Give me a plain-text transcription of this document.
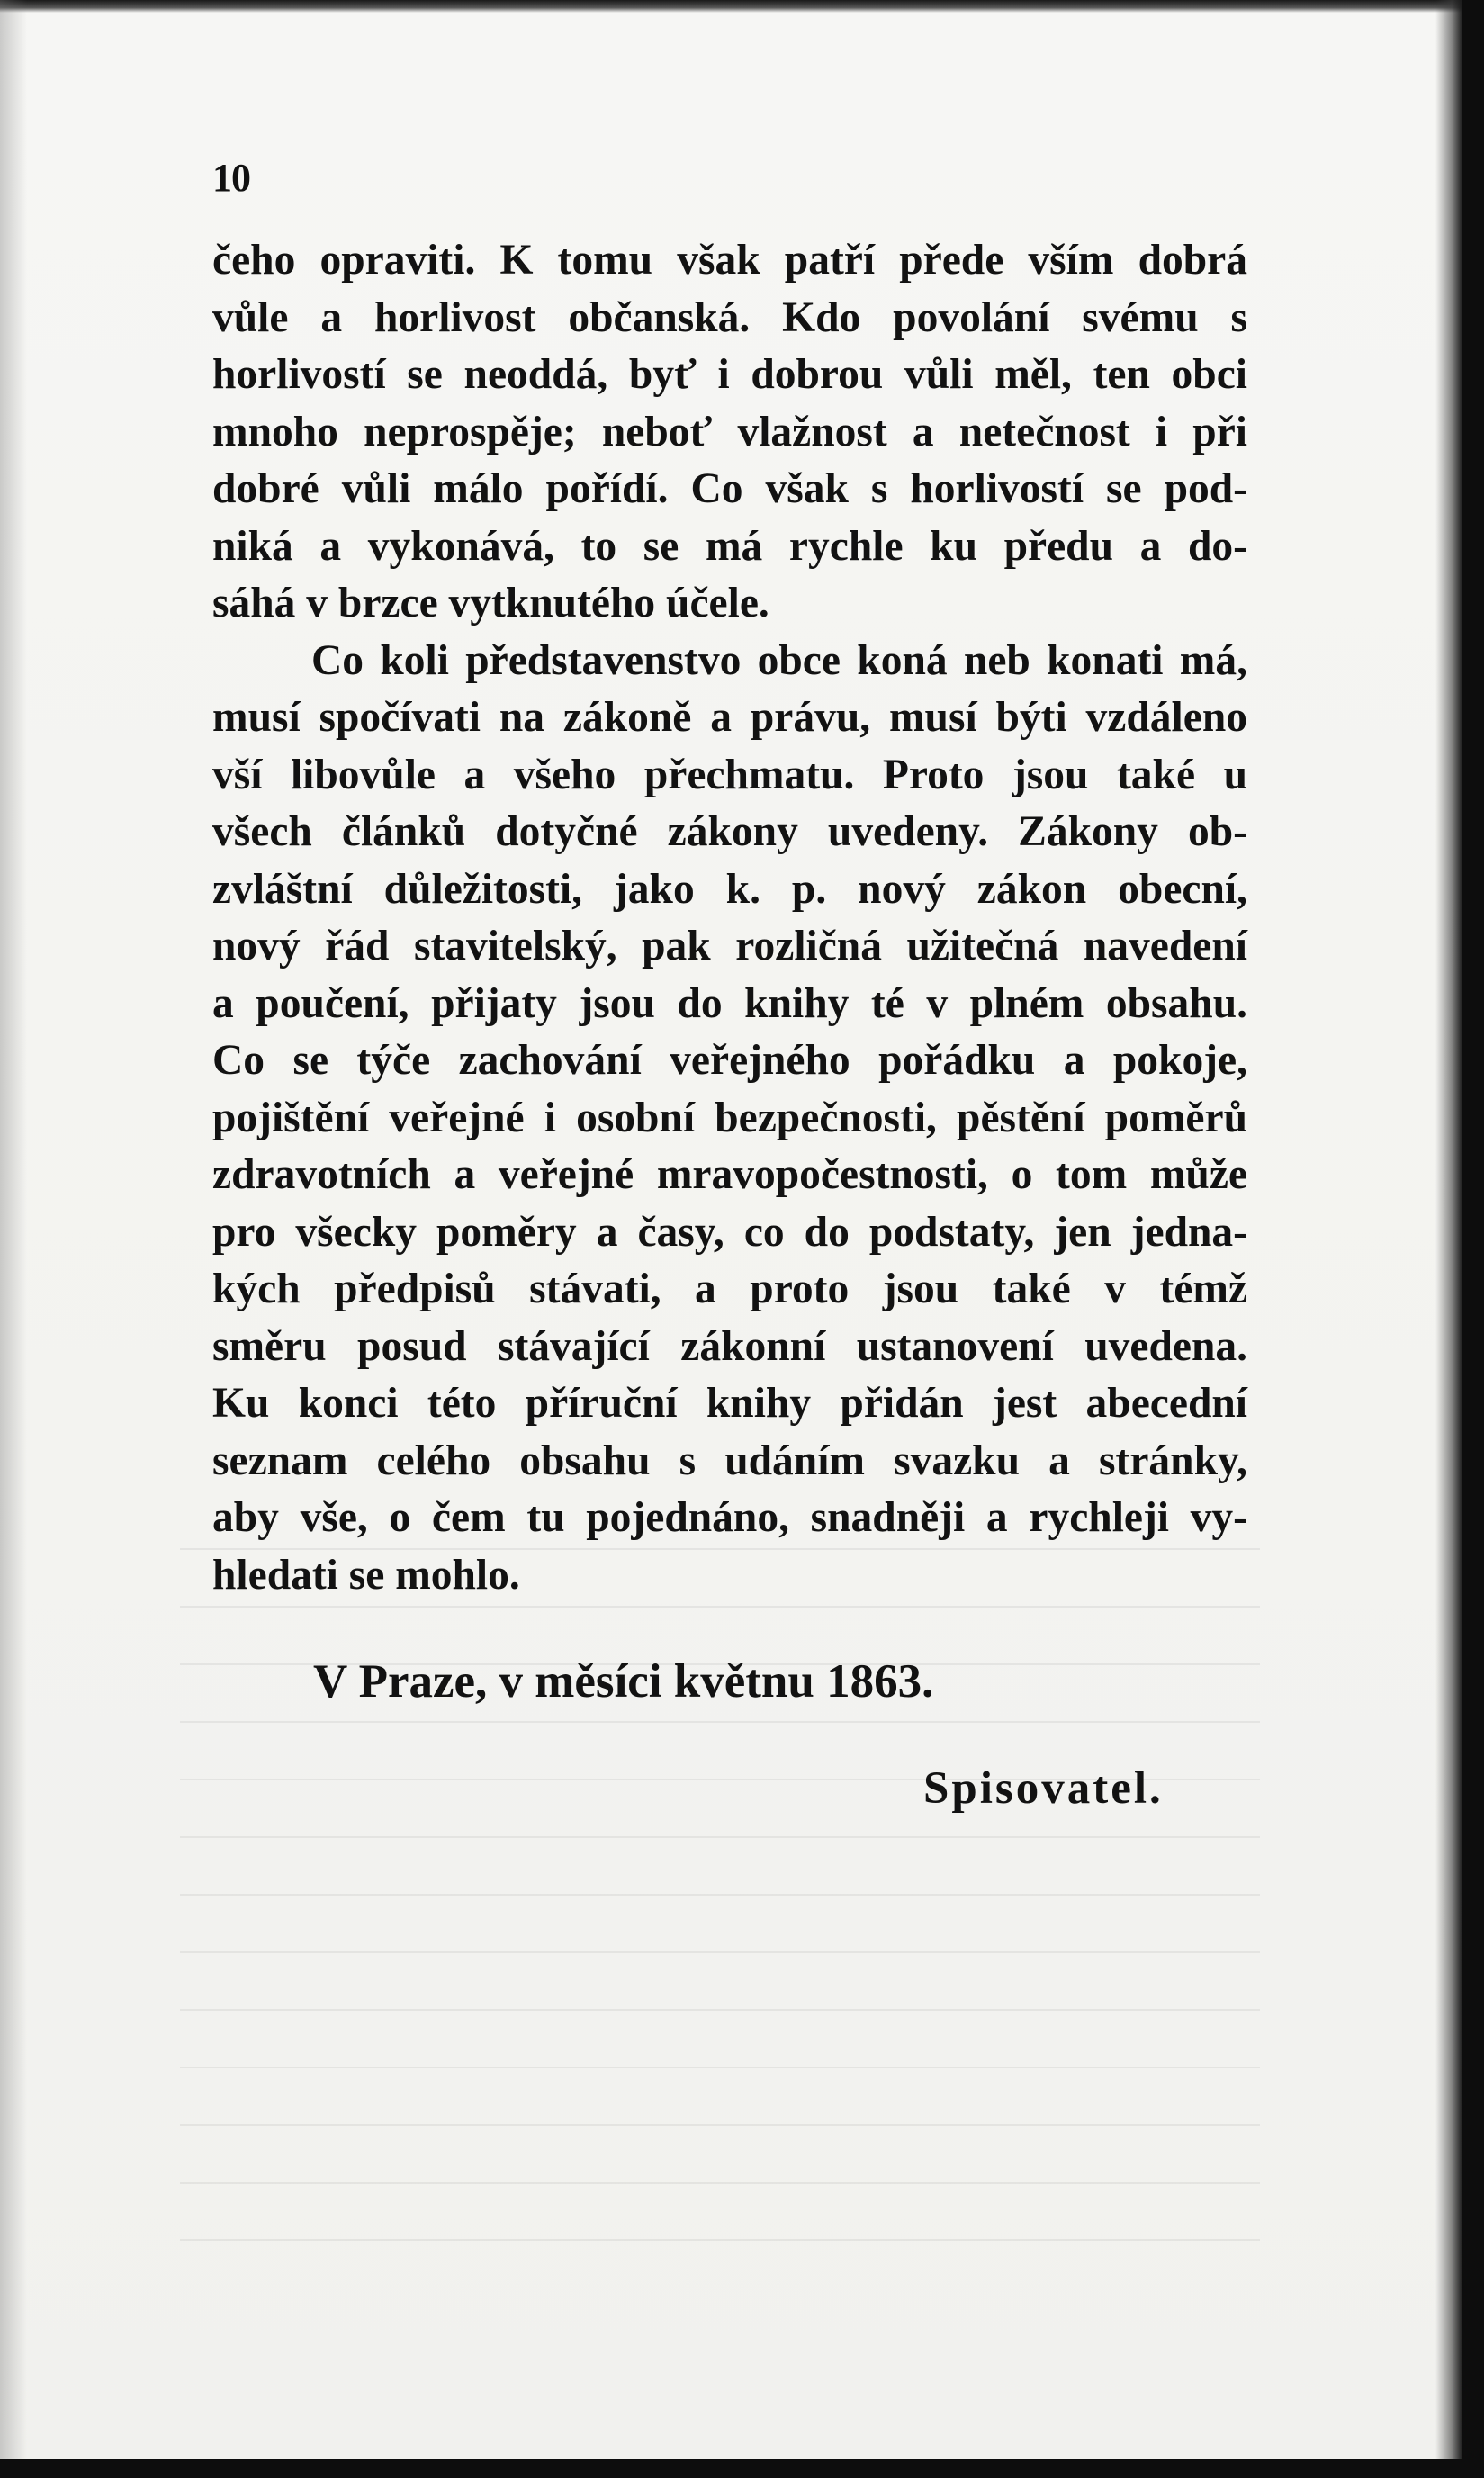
10
čeho opraviti. K tomu však patří přede vším dobrá
vůle a horlivost občanská. Kdo povolání svému s
horlivostí se neoddá, byť i dobrou vůli měl, ten obci
mnoho neprospěje; neboť vlažnost a netečnost i při
dobré vůli málo pořídí. Co však s horlivostí se pod-
niká a vykonává, to se má rychle ku předu a do-
sáhá v brzce vytknutého účele.
Co koli představenstvo obce koná neb konati má,
musí spočívati na zákoně a právu, musí býti vzdáleno
vší libovůle a všeho přechmatu. Proto jsou také u
všech článků dotyčné zákony uvedeny. Zákony ob-
zvláštní důležitosti, jako k. p. nový zákon obecní,
nový řád stavitelský, pak rozličná užitečná navedení
a poučení, přijaty jsou do knihy té v plném obsahu.
Co se týče zachování veřejného pořádku a pokoje,
pojištění veřejné i osobní bezpečnosti, pěstění poměrů
zdravotních a veřejné mravopočestnosti, o tom může
pro všecky poměry a časy, co do podstaty, jen jedna-
kých předpisů stávati, a proto jsou také v témž
směru posud stávající zákonní ustanovení uvedena.
Ku konci této příruční knihy přidán jest abecední
seznam celého obsahu s udáním svazku a stránky,
aby vše, o čem tu pojednáno, snadněji a rychleji vy-
hledati se mohlo.
V Praze, v měsíci květnu 1863.
Spisovatel.
